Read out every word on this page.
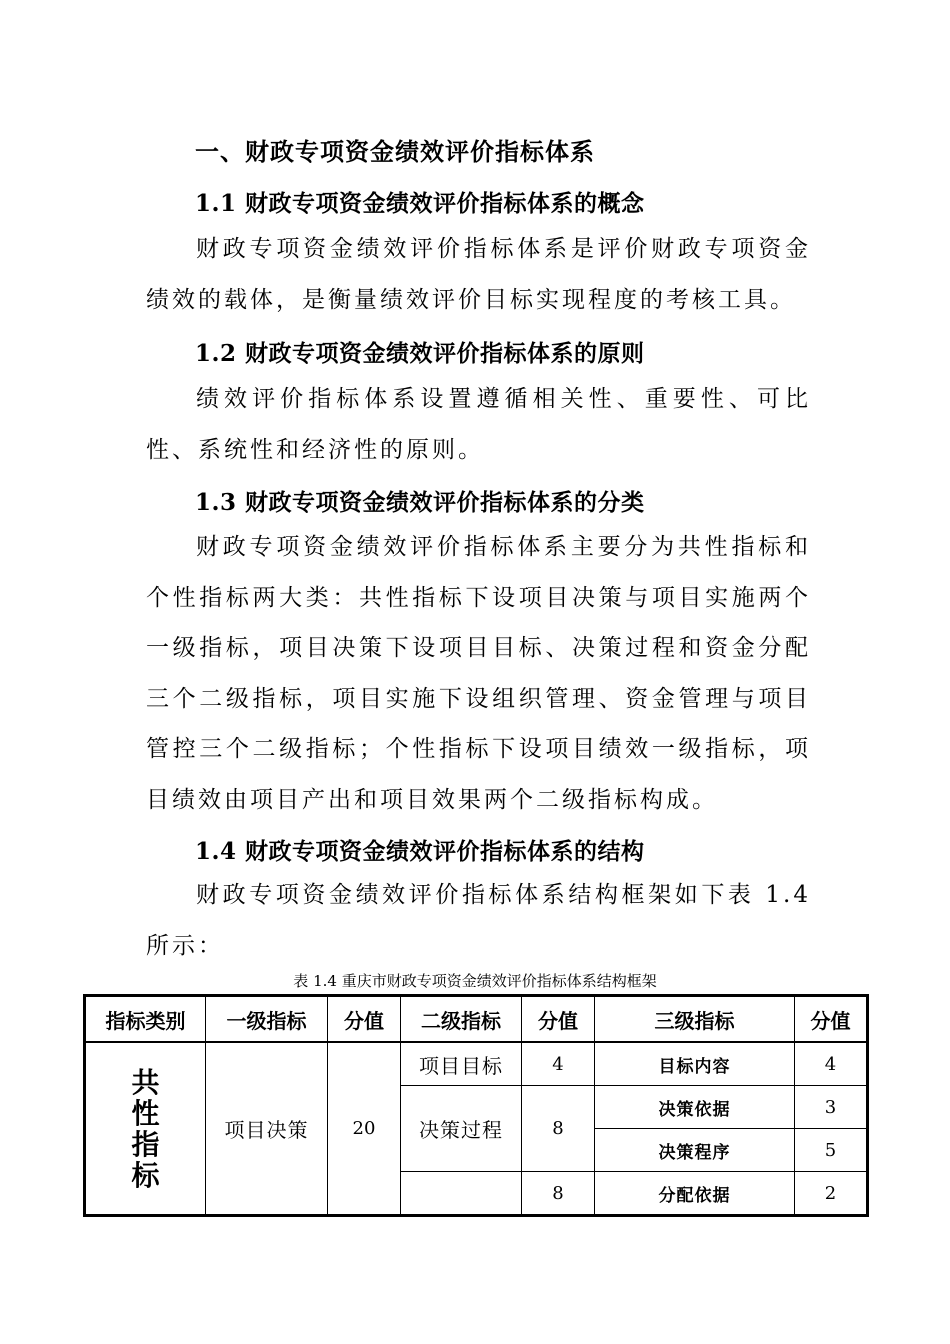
一、财政专项资金绩效评价指标体系
1.1 财政专项资金绩效评价指标体系的概念
财政专项资金绩效评价指标体系是评价财政专项资金绩效的载体，是衡量绩效评价目标实现程度的考核工具。
1.2 财政专项资金绩效评价指标体系的原则
绩效评价指标体系设置遵循相关性、重要性、可比性、系统性和经济性的原则。
1.3 财政专项资金绩效评价指标体系的分类
财政专项资金绩效评价指标体系主要分为共性指标和个性指标两大类：共性指标下设项目决策与项目实施两个一级指标，项目决策下设项目目标、决策过程和资金分配三个二级指标，项目实施下设组织管理、资金管理与项目管控三个二级指标；个性指标下设项目绩效一级指标，项目绩效由项目产出和项目效果两个二级指标构成。
1.4 财政专项资金绩效评价指标体系的结构
财政专项资金绩效评价指标体系结构框架如下表 1.4 所示：
表 1.4 重庆市财政专项资金绩效评价指标体系结构框架
指标类别	一级指标	分值	二级指标	分值	三级指标	分值

共
性
指
标	项目决策	20	项目目标	4	目标内容	4
			决策过程	8	决策依据	3
					决策程序	5
				8	分配依据	2
